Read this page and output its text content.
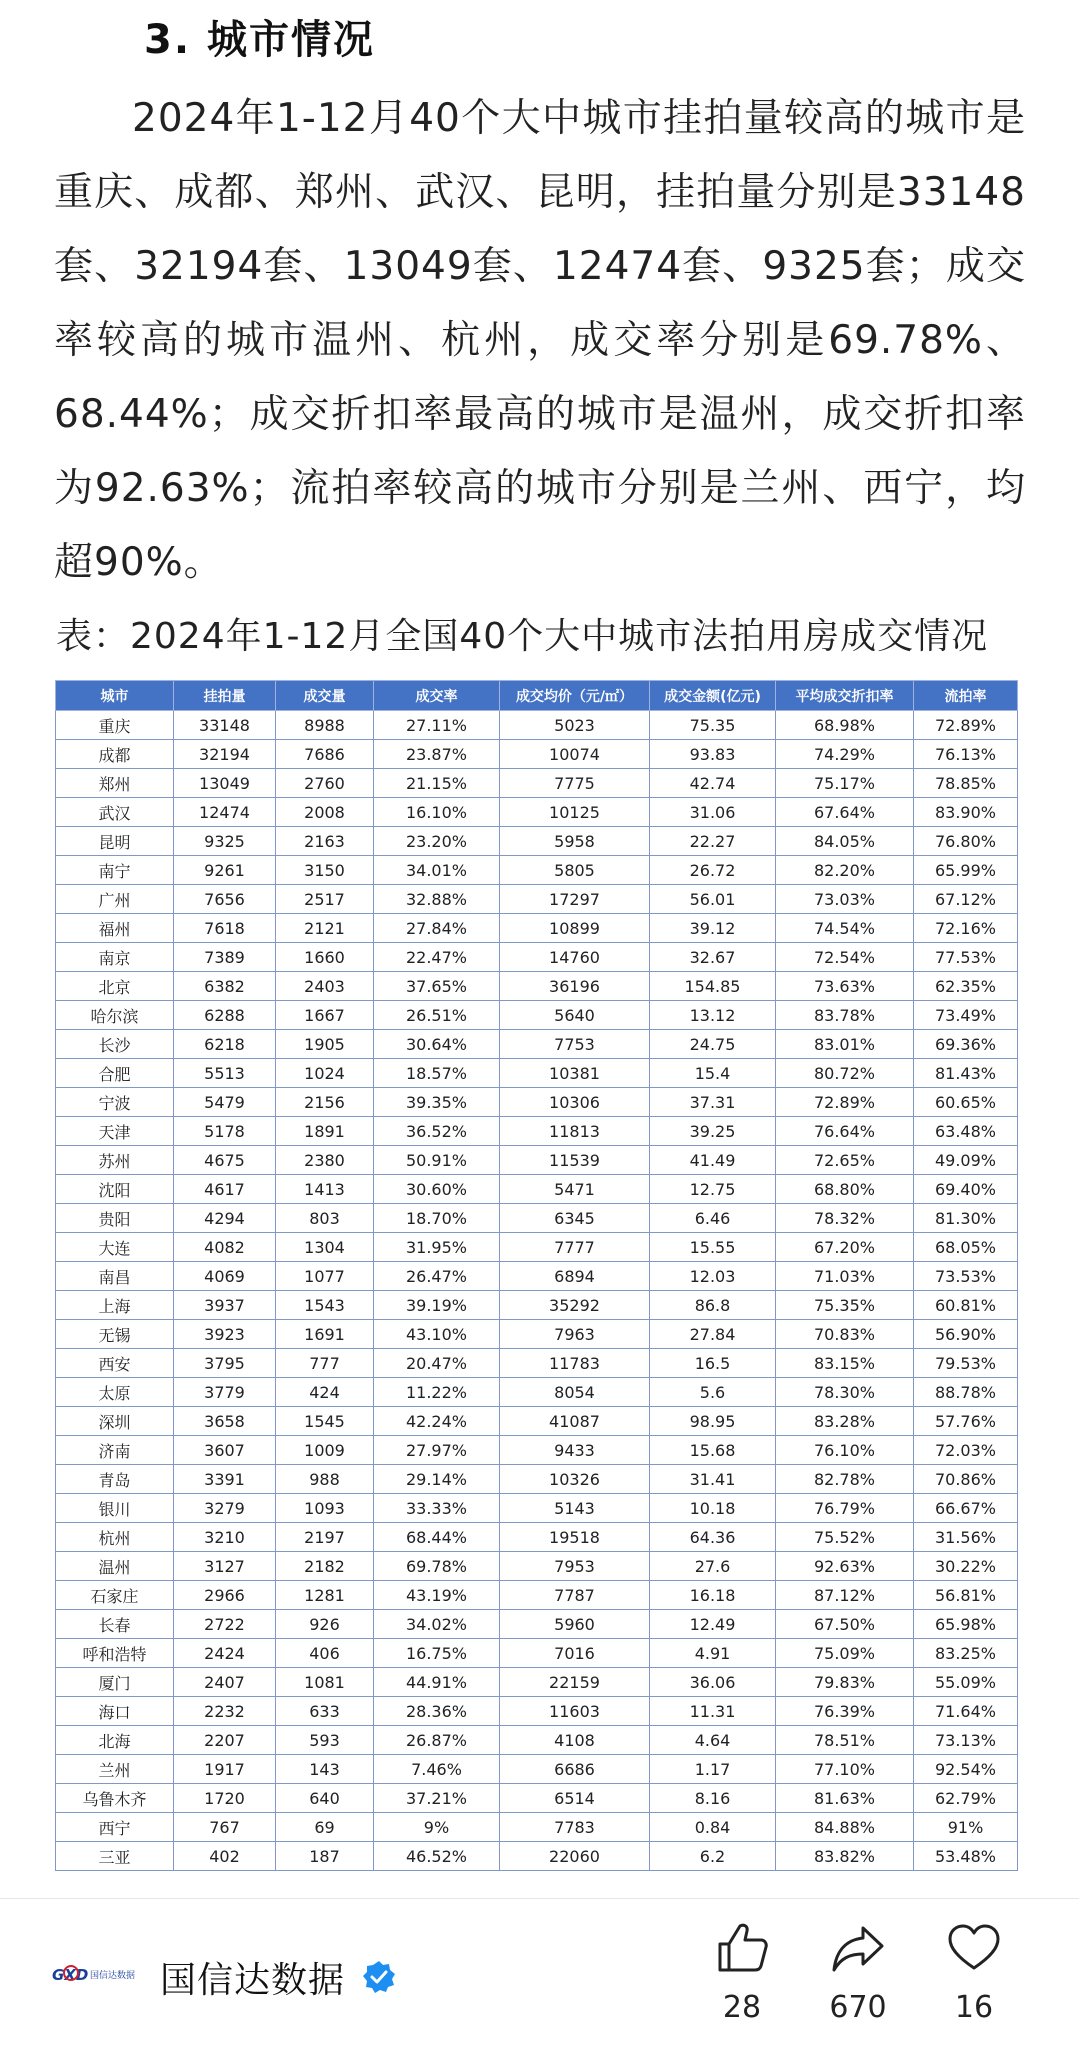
3. 城市情况
2024年1-12月40个大中城市挂拍量较高的城市是重庆、成都、郑州、武汉、昆明，挂拍量分别是33148套、32194套、13049套、12474套、9325套；成交率较高的城市温州、杭州，成交率分别是69.78%、68.44%；成交折扣率最高的城市是温州，成交折扣率为92.63%；流拍率较高的城市分别是兰州、西宁，均超90%。
表：2024年1-12月全国40个大中城市法拍用房成交情况
城市	挂拍量	成交量	成交率	成交均价（元/㎡）	成交金额(亿元)	平均成交折扣率	流拍率
重庆	33148	8988	27.11%	5023	75.35	68.98%	72.89%
成都	32194	7686	23.87%	10074	93.83	74.29%	76.13%
郑州	13049	2760	21.15%	7775	42.74	75.17%	78.85%
武汉	12474	2008	16.10%	10125	31.06	67.64%	83.90%
昆明	9325	2163	23.20%	5958	22.27	84.05%	76.80%
南宁	9261	3150	34.01%	5805	26.72	82.20%	65.99%
广州	7656	2517	32.88%	17297	56.01	73.03%	67.12%
福州	7618	2121	27.84%	10899	39.12	74.54%	72.16%
南京	7389	1660	22.47%	14760	32.67	72.54%	77.53%
北京	6382	2403	37.65%	36196	154.85	73.63%	62.35%
哈尔滨	6288	1667	26.51%	5640	13.12	83.78%	73.49%
长沙	6218	1905	30.64%	7753	24.75	83.01%	69.36%
合肥	5513	1024	18.57%	10381	15.4	80.72%	81.43%
宁波	5479	2156	39.35%	10306	37.31	72.89%	60.65%
天津	5178	1891	36.52%	11813	39.25	76.64%	63.48%
苏州	4675	2380	50.91%	11539	41.49	72.65%	49.09%
沈阳	4617	1413	30.60%	5471	12.75	68.80%	69.40%
贵阳	4294	803	18.70%	6345	6.46	78.32%	81.30%
大连	4082	1304	31.95%	7777	15.55	67.20%	68.05%
南昌	4069	1077	26.47%	6894	12.03	71.03%	73.53%
上海	3937	1543	39.19%	35292	86.8	75.35%	60.81%
无锡	3923	1691	43.10%	7963	27.84	70.83%	56.90%
西安	3795	777	20.47%	11783	16.5	83.15%	79.53%
太原	3779	424	11.22%	8054	5.6	78.30%	88.78%
深圳	3658	1545	42.24%	41087	98.95	83.28%	57.76%
济南	3607	1009	27.97%	9433	15.68	76.10%	72.03%
青岛	3391	988	29.14%	10326	31.41	82.78%	70.86%
银川	3279	1093	33.33%	5143	10.18	76.79%	66.67%
杭州	3210	2197	68.44%	19518	64.36	75.52%	31.56%
温州	3127	2182	69.78%	7953	27.6	92.63%	30.22%
石家庄	2966	1281	43.19%	7787	16.18	87.12%	56.81%
长春	2722	926	34.02%	5960	12.49	67.50%	65.98%
呼和浩特	2424	406	16.75%	7016	4.91	75.09%	83.25%
厦门	2407	1081	44.91%	22159	36.06	79.83%	55.09%
海口	2232	633	28.36%	11603	11.31	76.39%	71.64%
北海	2207	593	26.87%	4108	4.64	78.51%	73.13%
兰州	1917	143	7.46%	6686	1.17	77.10%	92.54%
乌鲁木齐	1720	640	37.21%	6514	8.16	81.63%	62.79%
西宁	767	69	9%	7783	0.84	84.88%	91%
三亚	402	187	46.52%	22060	6.2	83.82%	53.48%
GXD 国信达数据 国信达数据
28	670	16
